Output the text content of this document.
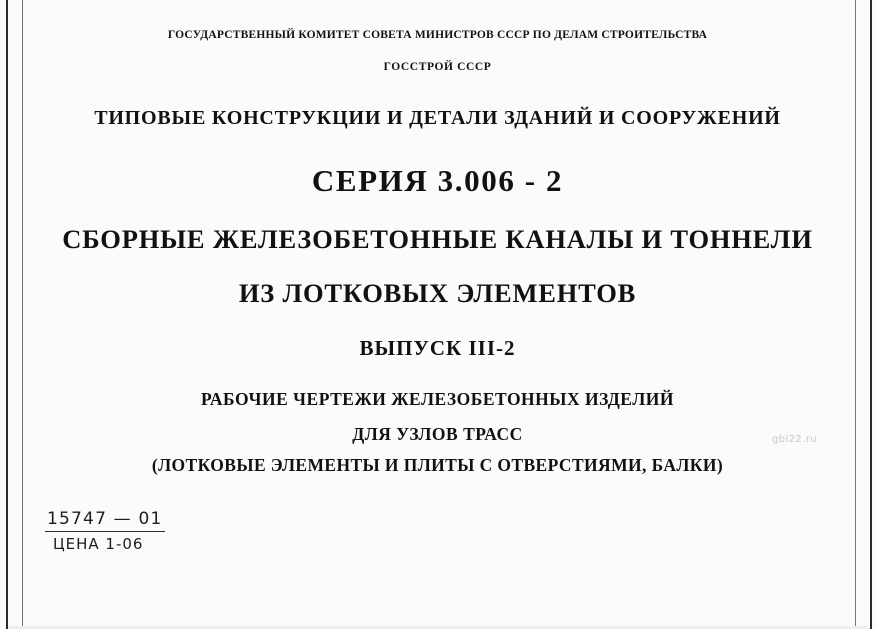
ГОСУДАРСТВЕННЫЙ КОМИТЕТ СОВЕТА МИНИСТРОВ СССР ПО ДЕЛАМ СТРОИТЕЛЬСТВА
ГОССТРОЙ СССР
ТИПОВЫЕ КОНСТРУКЦИИ И ДЕТАЛИ ЗДАНИЙ И СООРУЖЕНИЙ
СЕРИЯ 3.006 - 2
СБОРНЫЕ ЖЕЛЕЗОБЕТОННЫЕ КАНАЛЫ И ТОННЕЛИ
ИЗ ЛОТКОВЫХ ЭЛЕМЕНТОВ
ВЫПУСК III-2
РАБОЧИЕ ЧЕРТЕЖИ ЖЕЛЕЗОБЕТОННЫХ ИЗДЕЛИЙ
ДЛЯ УЗЛОВ ТРАСС
(ЛОТКОВЫЕ ЭЛЕМЕНТЫ И ПЛИТЫ С ОТВЕРСТИЯМИ, БАЛКИ)
15747 — 01
ЦЕНА 1-06
gbi22.ru
